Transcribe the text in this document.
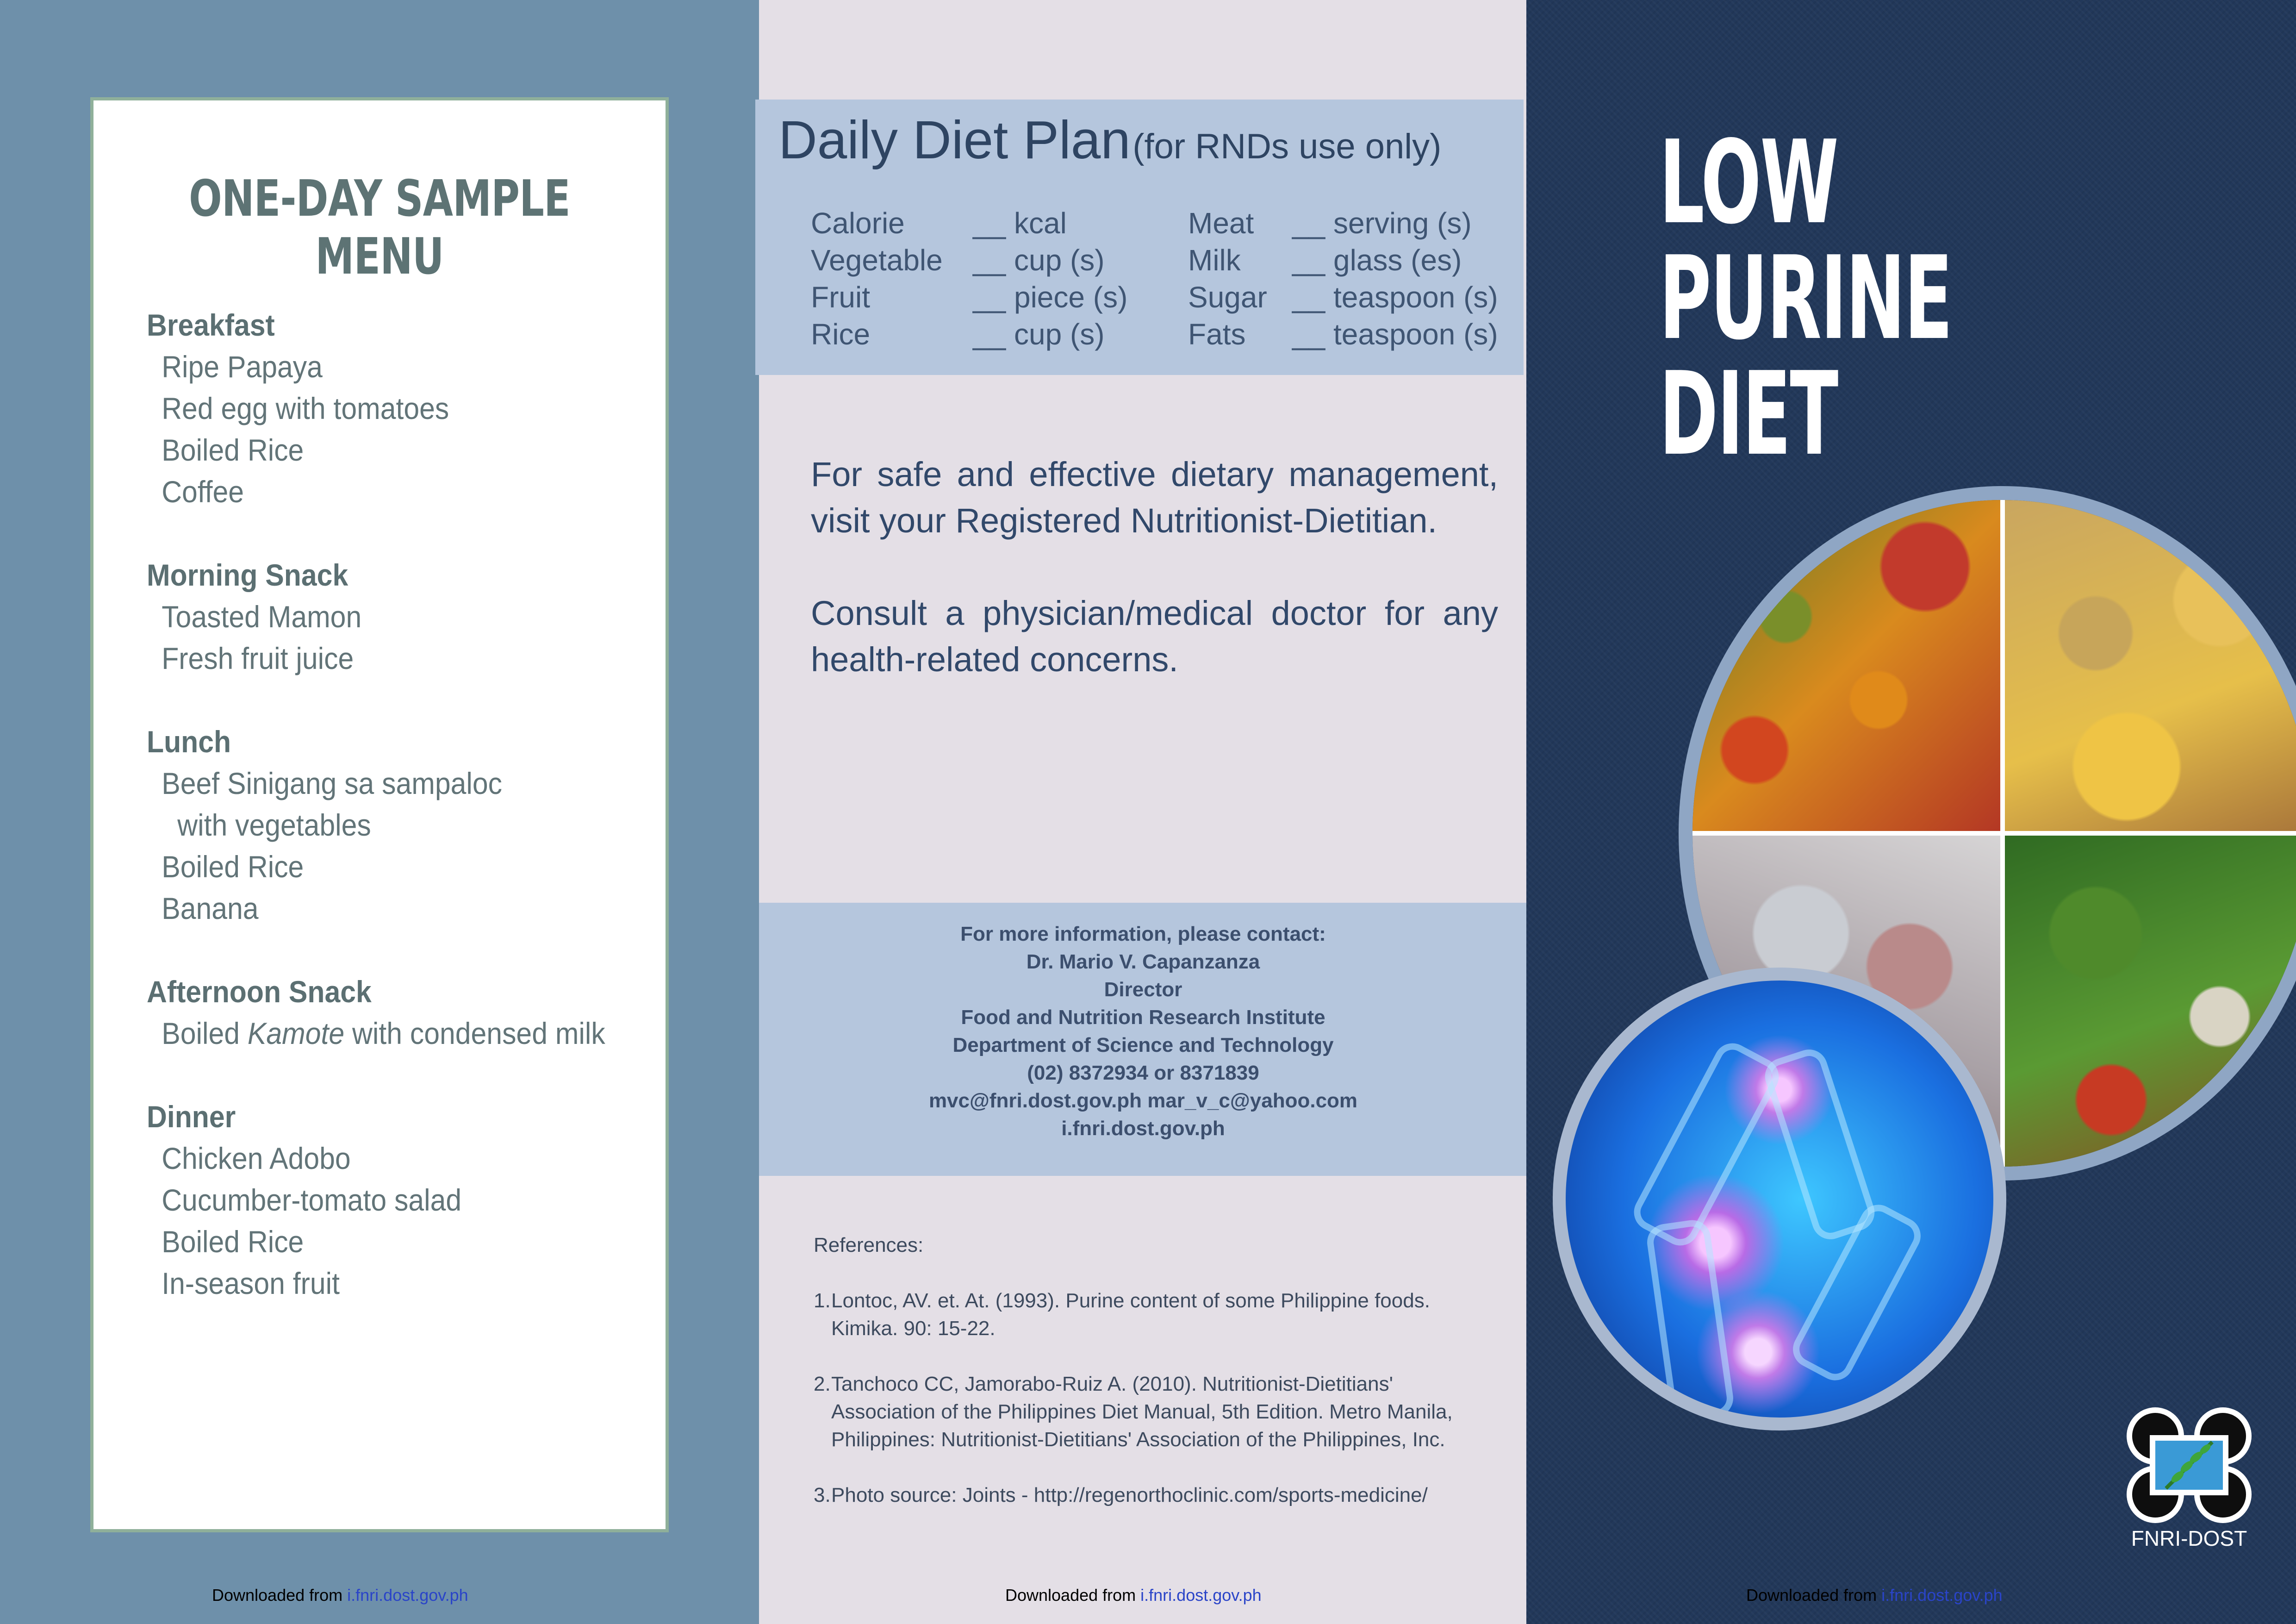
ONE-DAY SAMPLE MENU
Breakfast
Ripe Papaya
Red egg with tomatoes
Boiled Rice
Coffee
Morning Snack
Toasted Mamon
Fresh fruit juice
Lunch
Beef Sinigang sa sampaloc
with vegetables
Boiled Rice
Banana
Afternoon Snack
Boiled Kamote with condensed milk
Dinner
Chicken Adobo
Cucumber-tomato salad
Boiled Rice
In-season fruit
Daily Diet Plan (for RNDs use only)
Calorie __ kcal	Meat __ serving (s)
Vegetable __ cup (s)	Milk __ glass (es)
Fruit	__ piece (s) Sugar __ teaspoon (s)
Rice	__ cup (s)	Fats __ teaspoon (s)
For safe and effective dietary management, visit your Registered Nutritionist-Dietitian.
Consult a physician/medical doctor for any health-related concerns.
For more information, please contact:
Dr. Mario V. Capanzanza
Director
Food and Nutrition Research Institute
Department of Science and Technology
(02) 8372934 or 8371839
mvc@fnri.dost.gov.ph mar_v_c@yahoo.com
i.fnri.dost.gov.ph
References:
1. Lontoc, AV. et. At. (1993). Purine content of some Philippine foods. Kimika. 90: 15-22.
2. Tanchoco CC, Jamorabo-Ruiz A. (2010). Nutritionist-Dietitians' Association of the Philippines Diet Manual, 5th Edition. Metro Manila, Philippines: Nutritionist-Dietitians' Association of the Philippines, Inc.
3. Photo source: Joints - http://regenorthoclinic.com/sports-medicine/
LOW
PURINE
DIET
FNRI-DOST
Downloaded from i.fnri.dost.gov.ph	Downloaded from i.fnri.dost.gov.ph	Downloaded from i.fnri.dost.gov.ph
